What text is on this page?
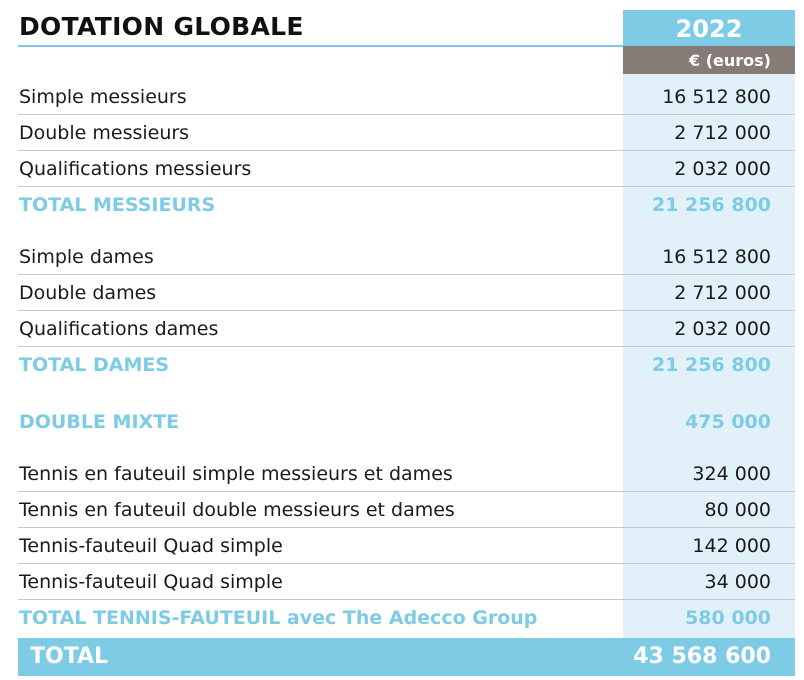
DOTATION GLOBALE	2022
€ (euros)
Simple messieurs	16 512 800
Double messieurs	2 712 000
Qualifications messieurs	2 032 000
TOTAL MESSIEURS	21 256 800
Simple dames	16 512 800
Double dames	2 712 000
Qualifications dames	2 032 000
TOTAL DAMES	21 256 800
DOUBLE MIXTE	475 000
Tennis en fauteuil simple messieurs et dames	324 000
Tennis en fauteuil double messieurs et dames	80 000
Tennis-fauteuil Quad simple	142 000
Tennis-fauteuil Quad simple	34 000
TOTAL TENNIS-FAUTEUIL avec The Adecco Group	580 000
TOTAL	43 568 600
